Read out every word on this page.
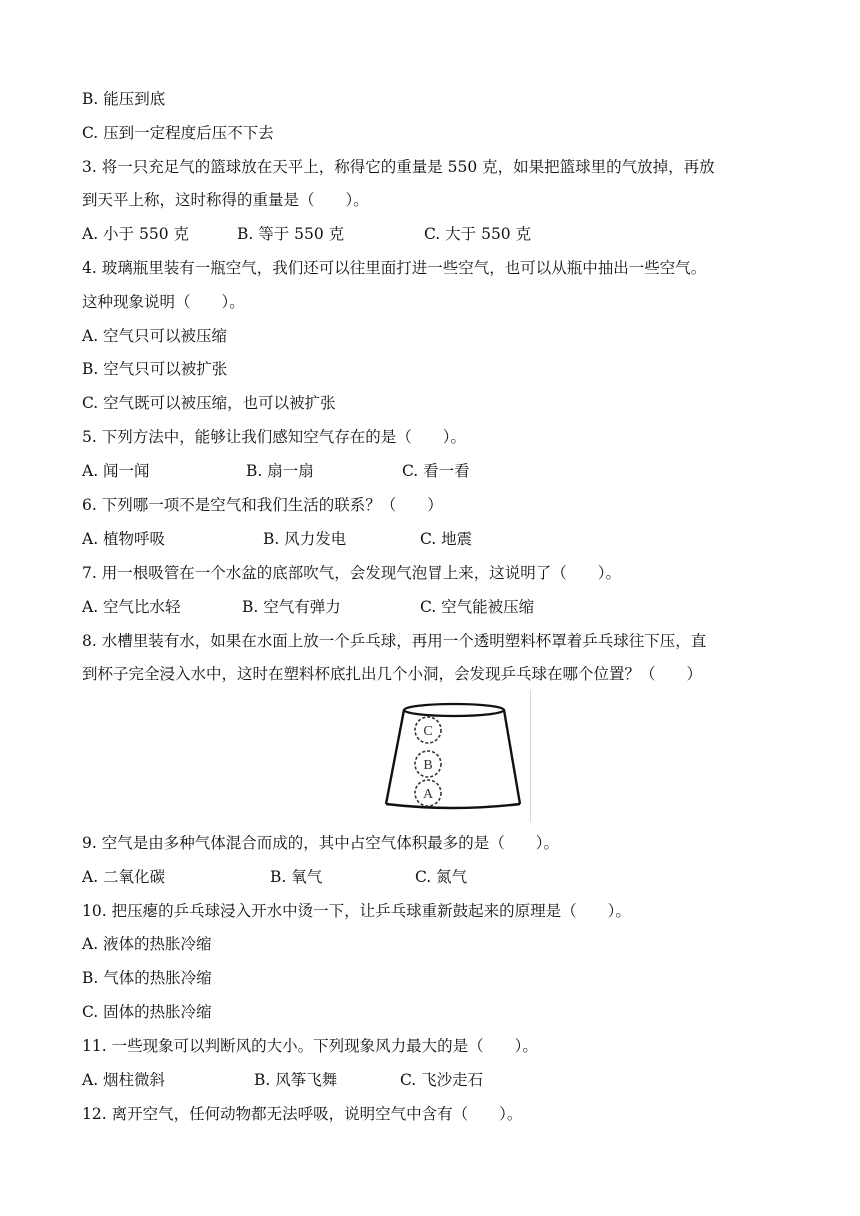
B. 能压到底
C. 压到一定程度后压不下去
3. 将一只充足气的篮球放在天平上，称得它的重量是 550 克，如果把篮球里的气放掉，再放
到天平上称，这时称得的重量是（　　）。
A. 小于 550 克	B. 等于 550 克	C. 大于 550 克
4. 玻璃瓶里装有一瓶空气，我们还可以往里面打进一些空气，也可以从瓶中抽出一些空气。
这种现象说明（　　）。
A. 空气只可以被压缩
B. 空气只可以被扩张
C. 空气既可以被压缩，也可以被扩张
5. 下列方法中，能够让我们感知空气存在的是（　　）。
A. 闻一闻	B. 扇一扇	C. 看一看
6. 下列哪一项不是空气和我们生活的联系？（　　）
A. 植物呼吸	B. 风力发电	C. 地震
7. 用一根吸管在一个水盆的底部吹气，会发现气泡冒上来，这说明了（　　）。
A. 空气比水轻	B. 空气有弹力	C. 空气能被压缩
8. 水槽里装有水，如果在水面上放一个乒乓球，再用一个透明塑料杯罩着乒乓球往下压，直
到杯子完全浸入水中，这时在塑料杯底扎出几个小洞，会发现乒乓球在哪个位置？（　　）
C
B
A
9. 空气是由多种气体混合而成的，其中占空气体积最多的是（　　）。
A. 二氧化碳	B. 氧气	C. 氮气
10. 把压瘪的乒乓球浸入开水中烫一下，让乒乓球重新鼓起来的原理是（　　）。
A. 液体的热胀冷缩
B. 气体的热胀冷缩
C. 固体的热胀冷缩
11. 一些现象可以判断风的大小。下列现象风力最大的是（　　）。
A. 烟柱微斜	B. 风筝飞舞	C. 飞沙走石
12. 离开空气，任何动物都无法呼吸，说明空气中含有（　　）。
